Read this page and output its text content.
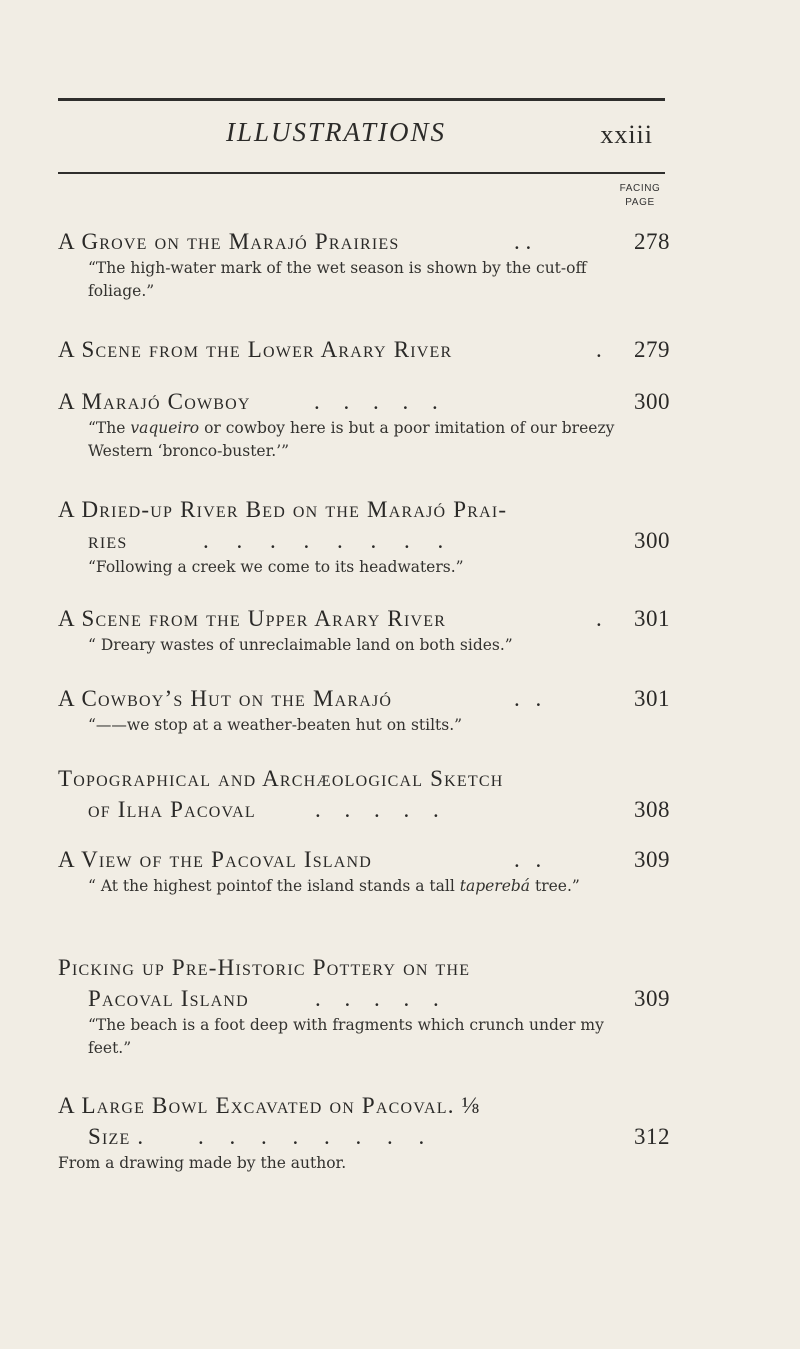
ILLUSTRATIONS	xxiii
FACING
PAGE
A Grove on the Marajó Prairies	. .	278
“The high-water mark of the wet season is shown by the cut-off foliage.”
A Scene from the Lower Arary River	. 279
A Marajó Cowboy	. . . . .	300
“The vaqueiro or cowboy here is but a poor imitation of our breezy Western ‘bronco-buster.’”
A Dried-up River Bed on the Marajó Prai-
ries	. . . . . . . .	300
“Following a creek we come to its headwaters.”
A Scene from the Upper Arary River	. 301
“ Dreary wastes of unreclaimable land on both sides.”
A Cowboy’s Hut on the Marajó	. .	301
“——we stop at a weather-beaten hut on stilts.”
Topographical and Archæological Sketch
of Ilha Pacoval	. . . . .	308
A View of the Pacoval Island	. .	309
“ At the highest pointof the island stands a tall taperebá tree.”
Picking up Pre-Historic Pottery on the
Pacoval Island	. . . . .	309
“The beach is a foot deep with fragments which crunch under my feet.”
A Large Bowl Excavated on Pacoval. ⅛
Size . . . . . . . . .	312
From a drawing made by the author.
